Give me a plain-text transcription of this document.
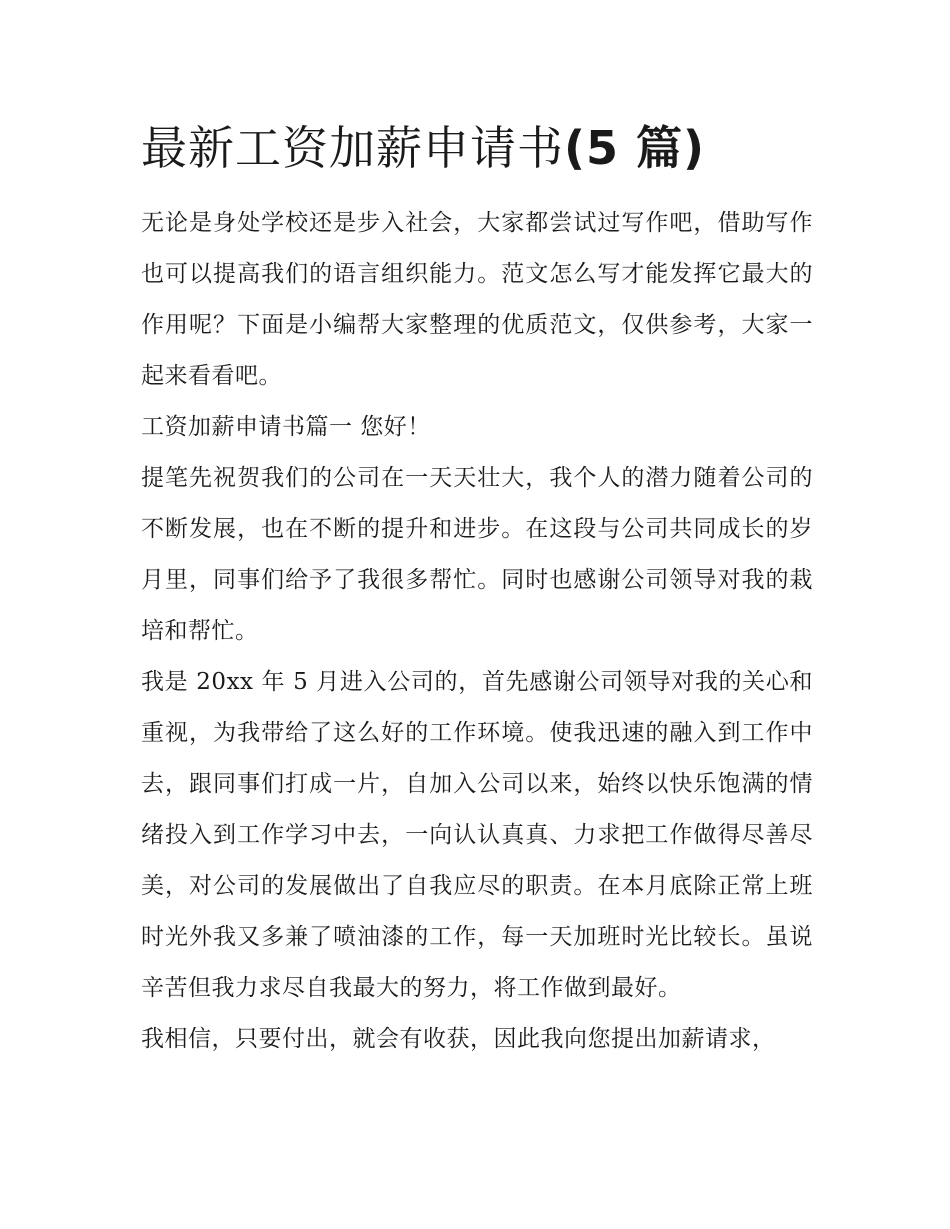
最新工资加薪申请书(5 篇)

无论是身处学校还是步入社会，大家都尝试过写作吧，借助写作也可以提高我们的语言组织能力。范文怎么写才能发挥它最大的作用呢？下面是小编帮大家整理的优质范文，仅供参考，大家一起来看看吧。

工资加薪申请书篇一 您好！

提笔先祝贺我们的公司在一天天壮大，我个人的潜力随着公司的不断发展，也在不断的提升和进步。在这段与公司共同成长的岁月里，同事们给予了我很多帮忙。同时也感谢公司领导对我的栽培和帮忙。

我是 20xx 年 5 月进入公司的，首先感谢公司领导对我的关心和重视，为我带给了这么好的工作环境。使我迅速的融入到工作中去，跟同事们打成一片，自加入公司以来，始终以快乐饱满的情绪投入到工作学习中去，一向认认真真、力求把工作做得尽善尽美，对公司的发展做出了自我应尽的职责。在本月底除正常上班时光外我又多兼了喷油漆的工作，每一天加班时光比较长。虽说辛苦但我力求尽自我最大的努力，将工作做到最好。

我相信，只要付出，就会有收获，因此我向您提出加薪请求，
